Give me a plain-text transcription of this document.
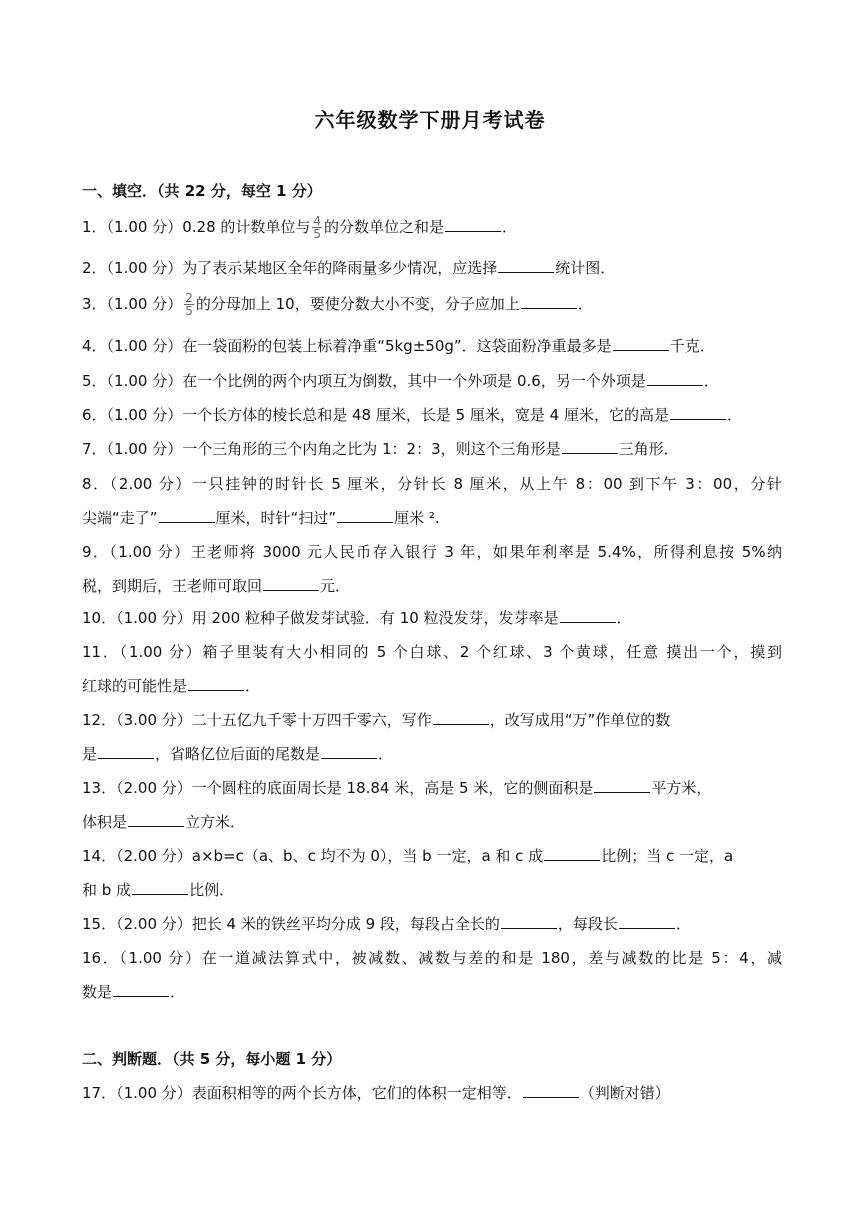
六年级数学下册月考试卷
一、填空．（共 22 分，每空 1 分）
1．（1.00 分）0.28 的计数单位与 $\frac{4}{5}$ 的分数单位之和是	．
2．（1.00 分）为了表示某地区全年的降雨量多少情况，应选择	统计图．
3．（1.00 分） $\frac{2}{5}$ 的分母加上 10，要使分数大小不变，分子应加上	．
4．（1.00 分）在一袋面粉的包装上标着净重“5kg±50g”．这袋面粉净重最多是	千克．
5．（1.00 分）在一个比例的两个内项互为倒数，其中一个外项是 0.6，另一个外项是	．
6．（1.00 分）一个长方体的棱长总和是 48 厘米，长是 5 厘米，宽是 4 厘米，它的高是	．
7．（1.00 分）一个三角形的三个内角之比为 1：2：3，则这个三角形是	三角形．
8．（2.00 分）一只挂钟的时针长 5 厘米，分针长 8 厘米，从上午 8：00 到下午 3：00，分针
尖端“走了”	厘米，时针“扫过”	厘米 ².
9．（1.00 分）王老师将 3000 元人民币存入银行 3 年，如果年利率是 5.4%，所得利息按 5%纳
税，到期后，王老师可取回	元．
10．（1.00 分）用 200 粒种子做发芽试验．有 10 粒没发芽，发芽率是	．
11．（1.00 分）箱子里装有大小相同的 5 个白球、2 个红球、3 个黄球，任意 摸出一个，摸到
红球的可能性是	．
12．（3.00 分）二十五亿九千零十万四千零六，写作	，改写成用“万”作单位的数
是	，省略亿位后面的尾数是	．
13．（2.00 分）一个圆柱的底面周长是 18.84 米，高是 5 米，它的侧面积是	平方米，
体积是	立方米．
14．（2.00 分）a×b=c（a、b、c 均不为 0），当 b 一定，a 和 c 成	比例；当 c 一定，a
和 b 成	比例．
15．（2.00 分）把长 4 米的铁丝平均分成 9 段，每段占全长的	，每段长	．
16．（1.00 分）在一道减法算式中，被减数、减数与差的和是 180，差与减数的比是 5：4，减
数是	．
二、判断题．（共 5 分，每小题 1 分）
17．（1.00 分）表面积相等的两个长方体，它们的体积一定相等．	（判断对错）
